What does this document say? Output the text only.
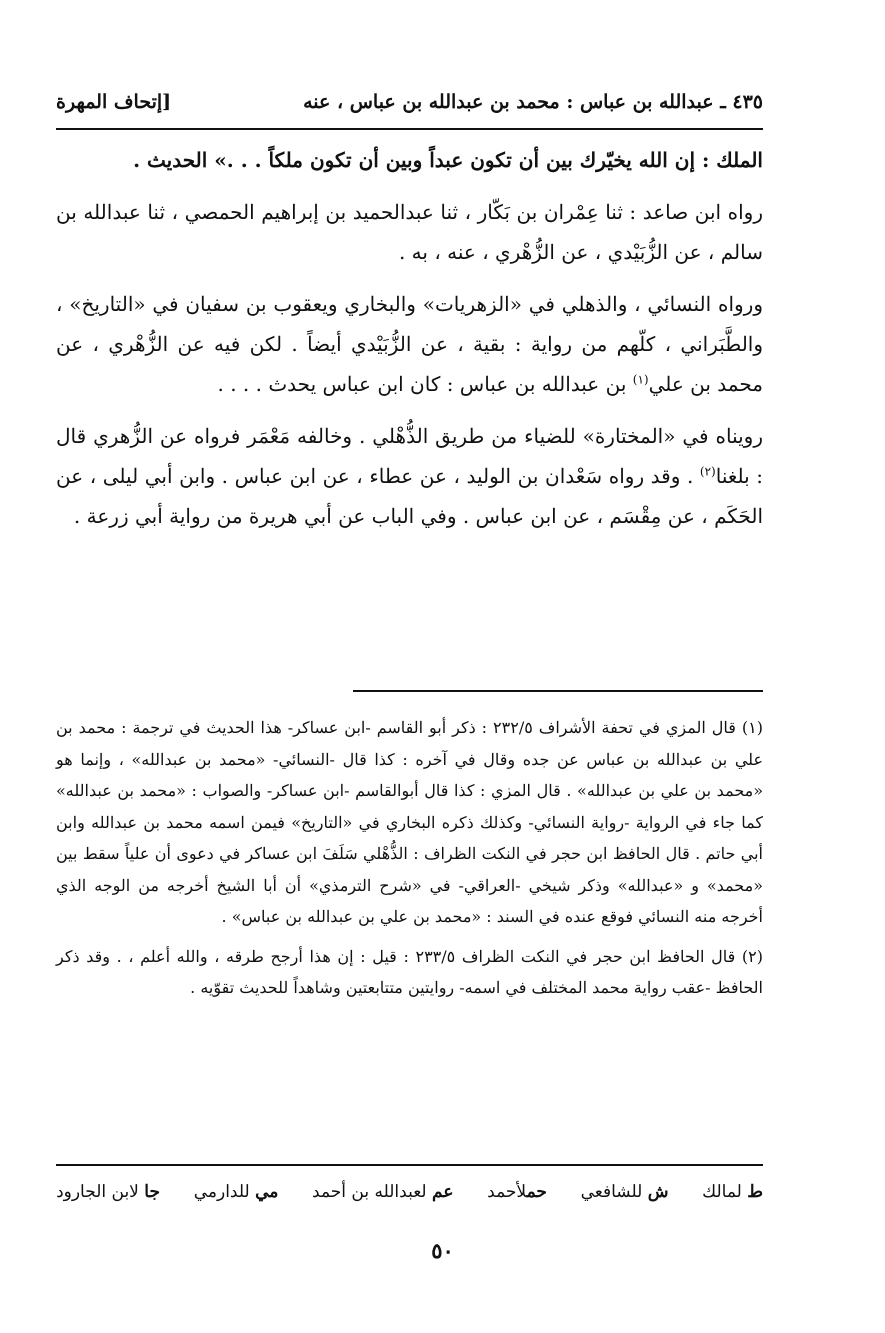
٤٣٥ ـ عبدالله بن عباس : محمد بن عبدالله بن عباس ، عنه
[إتحاف المهرة

الملك : إن الله يخيّرك بين أن تكون عبداً وبين أن تكون ملكاً . . .» الحديث .

رواه ابن صاعد : ثنا عِمْران بن بَكّار ، ثنا عبدالحميد بن إبراهيم الحمصي ، ثنا عبدالله بن سالم ، عن الزُّبَيْدي ، عن الزُّهْري ، عنه ، به .

ورواه النسائي ، والذهلي في «الزهريات» والبخاري ويعقوب بن سفيان في «التاريخ» ، والطَّبَراني ، كلّهم من رواية : بقية ، عن الزُّبَيْدي أيضاً . لكن فيه عن الزُّهْري ، عن محمد بن علي$^{(١)}$ بن عبدالله بن عباس : كان ابن عباس يحدث . . . .

رويناه في «المختارة» للضياء من طريق الذُّهْلي . وخالفه مَعْمَر فرواه عن الزُّهري قال : بلغنا$^{(٢)}$ . وقد رواه سَعْدان بن الوليد ، عن عطاء ، عن ابن عباس . وابن أبي ليلى ، عن الحَكَم ، عن مِقْسَم ، عن ابن عباس . وفي الباب عن أبي هريرة من رواية أبي زرعة .

(١) قال المزي في تحفة الأشراف ٢٣٢/٥ : ذكر أبو القاسم -ابن عساكر- هذا الحديث في ترجمة : محمد بن علي بن عبدالله بن عباس عن جده وقال في آخره : كذا قال -النسائي- «محمد بن عبدالله» ، وإنما هو «محمد بن علي بن عبدالله» . قال المزي : كذا قال أبوالقاسم -ابن عساكر- والصواب : «محمد بن عبدالله» كما جاء في الرواية -رواية النسائي- وكذلك ذكره البخاري في «التاريخ» فيمن اسمه محمد بن عبدالله وابن أبي حاتم . قال الحافظ ابن حجر في النكت الظراف : الذُّهْلي سَلَفَ ابن عساكر في دعوى أن علياً سقط بين «محمد» و «عبدالله» وذكر شيخي -العراقي- في «شرح الترمذي» أن أبا الشيخ أخرجه من الوجه الذي أخرجه منه النسائي فوقع عنده في السند : «محمد بن علي بن عبدالله بن عباس» .

(٢) قال الحافظ ابن حجر في النكت الظراف ٢٣٣/٥ : قيل : إن هذا أرجح طرقه ، والله أعلم ، . وقد ذكر الحافظ -عقب رواية محمد المختلف في اسمه- روايتين متتابعتين وشاهداً للحديث تقوّيه .

ط لمالك
ش للشافعي
حملأحمد
عم لعبدالله بن أحمد
مي للدارمي
جا لابن الجارود
٥٠
